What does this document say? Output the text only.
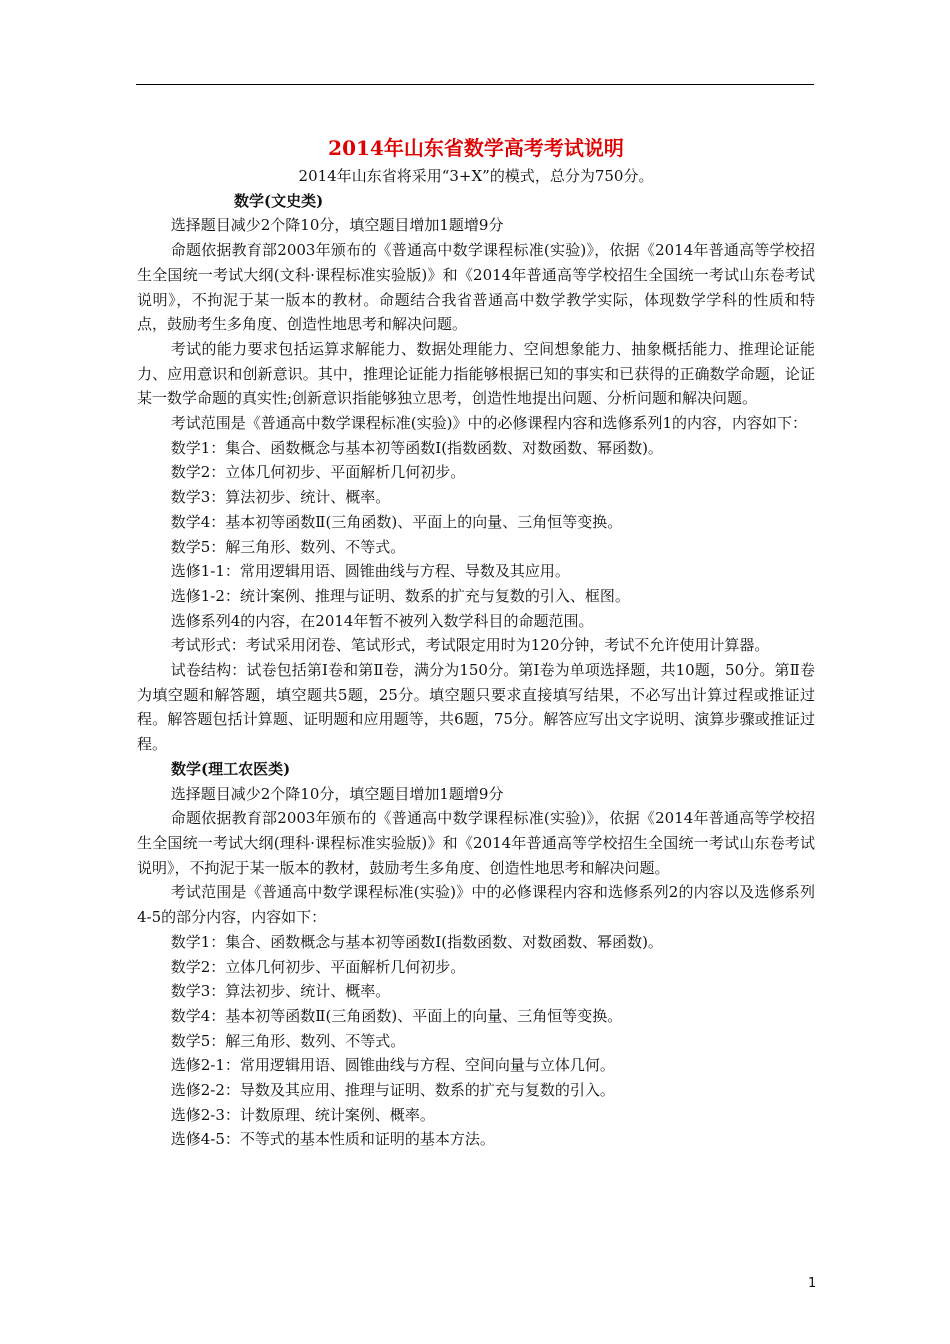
2014年山东省数学高考考试说明
2014年山东省将采用“3+X”的模式，总分为750分。
数学(文史类)

选择题目减少2个降10分，填空题目增加1题增9分

命题依据教育部2003年颁布的《普通高中数学课程标准(实验)》，依据《2014年普通高等学校招生全国统一考试大纲(文科·课程标准实验版)》和《2014年普通高等学校招生全国统一考试山东卷考试说明》，不拘泥于某一版本的教材。命题结合我省普通高中数学教学实际，体现数学学科的性质和特点，鼓励考生多角度、创造性地思考和解决问题。

考试的能力要求包括运算求解能力、数据处理能力、空间想象能力、抽象概括能力、推理论证能力、应用意识和创新意识。其中，推理论证能力指能够根据已知的事实和已获得的正确数学命题，论证某一数学命题的真实性;创新意识指能够独立思考，创造性地提出问题、分析问题和解决问题。

考试范围是《普通高中数学课程标准(实验)》中的必修课程内容和选修系列1的内容，内容如下：

数学1：集合、函数概念与基本初等函数Ⅰ(指数函数、对数函数、幂函数)。

数学2：立体几何初步、平面解析几何初步。

数学3：算法初步、统计、概率。

数学4：基本初等函数Ⅱ(三角函数)、平面上的向量、三角恒等变换。

数学5：解三角形、数列、不等式。

选修1-1：常用逻辑用语、圆锥曲线与方程、导数及其应用。

选修1-2：统计案例、推理与证明、数系的扩充与复数的引入、框图。

选修系列4的内容，在2014年暂不被列入数学科目的命题范围。

考试形式：考试采用闭卷、笔试形式，考试限定用时为120分钟，考试不允许使用计算器。

试卷结构：试卷包括第Ⅰ卷和第Ⅱ卷，满分为150分。第Ⅰ卷为单项选择题，共10题，50分。第Ⅱ卷为填空题和解答题，填空题共5题，25分。填空题只要求直接填写结果，不必写出计算过程或推证过程。解答题包括计算题、证明题和应用题等，共6题，75分。解答应写出文字说明、演算步骤或推证过程。

数学(理工农医类)

选择题目减少2个降10分，填空题目增加1题增9分

命题依据教育部2003年颁布的《普通高中数学课程标准(实验)》，依据《2014年普通高等学校招生全国统一考试大纲(理科·课程标准实验版)》和《2014年普通高等学校招生全国统一考试山东卷考试说明》，不拘泥于某一版本的教材，鼓励考生多角度、创造性地思考和解决问题。

考试范围是《普通高中数学课程标准(实验)》中的必修课程内容和选修系列2的内容以及选修系列4-5的部分内容，内容如下：

数学1：集合、函数概念与基本初等函数Ⅰ(指数函数、对数函数、幂函数)。

数学2：立体几何初步、平面解析几何初步。

数学3：算法初步、统计、概率。

数学4：基本初等函数Ⅱ(三角函数)、平面上的向量、三角恒等变换。

数学5：解三角形、数列、不等式。

选修2-1：常用逻辑用语、圆锥曲线与方程、空间向量与立体几何。

选修2-2：导数及其应用、推理与证明、数系的扩充与复数的引入。

选修2-3：计数原理、统计案例、概率。

选修4-5：不等式的基本性质和证明的基本方法。

1
